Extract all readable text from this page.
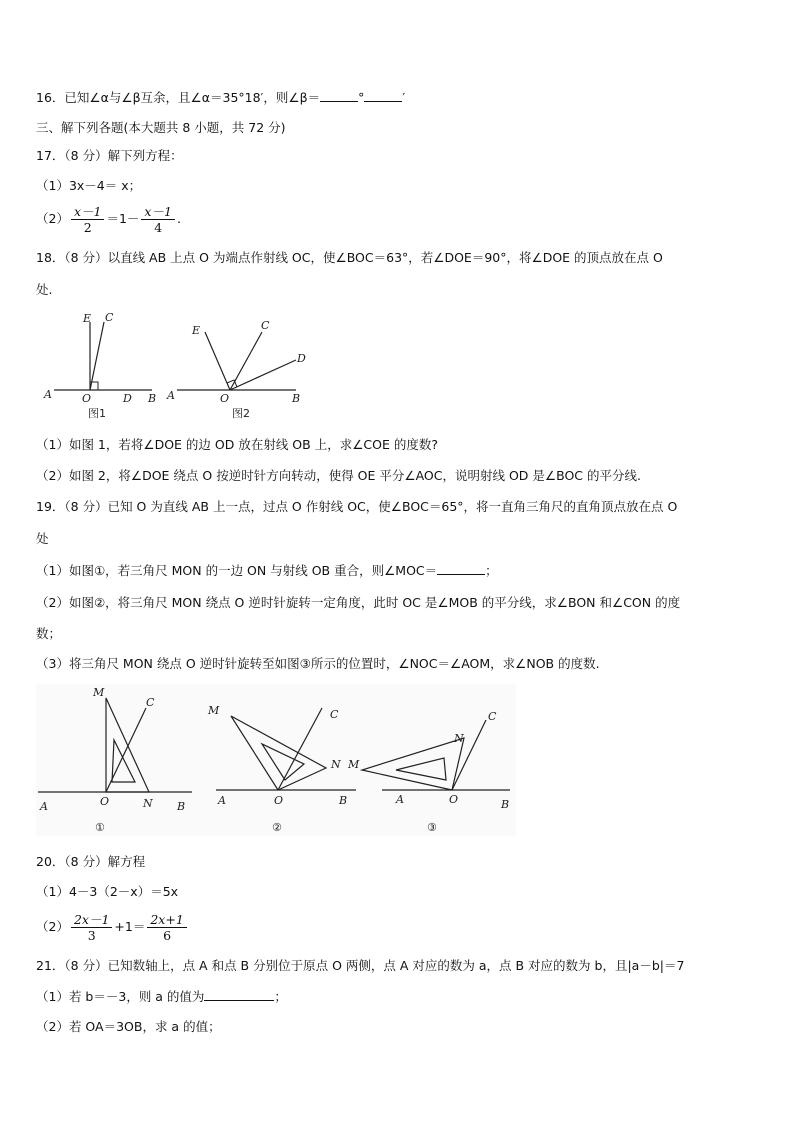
16．已知∠α与∠β互余，且∠α＝35°18′，则∠β＝	°	′
三、解下列各题(本大题共 8 小题，共 72 分)
17．（8 分）解下列方程：
（1）3x－4＝ x；
$(2) \frac{x-1}{2} =1- \frac{x-1}{4}$ .
18．（8 分）以直线 AB 上点 O 为端点作射线 OC，使∠BOC＝63°，若∠DOE＝90°，将∠DOE 的顶点放在点 O
处.
A	O	D B
E C
图1
A	O	B
E	C
D
图2
（1）如图 1，若将∠DOE 的边 OD 放在射线 OB 上，求∠COE 的度数?
（2）如图 2，将∠DOE 绕点 O 按逆时针方向转动，使得 OE 平分∠AOC，说明射线 OD 是∠BOC 的平分线.
19．（8 分）已知 O 为直线 AB 上一点，过点 O 作射线 OC，使∠BOC＝65°，将一直角三角尺的直角顶点放在点 O
处
（1）如图①，若三角尺 MON 的一边 ON 与射线 OB 重合，则∠MOC＝	；
（2）如图②，将三角尺 MON 绕点 O 逆时针旋转一定角度，此时 OC 是∠MOB 的平分线，求∠BON 和∠CON 的度
数；
（3）将三角尺 MON 绕点 O 逆时针旋转至如图③所示的位置时，∠NOC＝∠AOM，求∠NOB 的度数.
A	O	N B
M
C
①
A	O	B
M
N
C
②
A	O	B
M
N
C
③
20．（8 分）解方程
（1）4－3（2－x）＝5x
$(2) \frac{2x-1}{3} +1= \frac{2x+1}{6}$
21．（8 分）已知数轴上，点 A 和点 B 分别位于原点 O 两侧，点 A 对应的数为 a，点 B 对应的数为 b，且|a－b|＝7
（1）若 b＝－3，则 a 的值为	；
（2）若 OA＝3OB，求 a 的值；
